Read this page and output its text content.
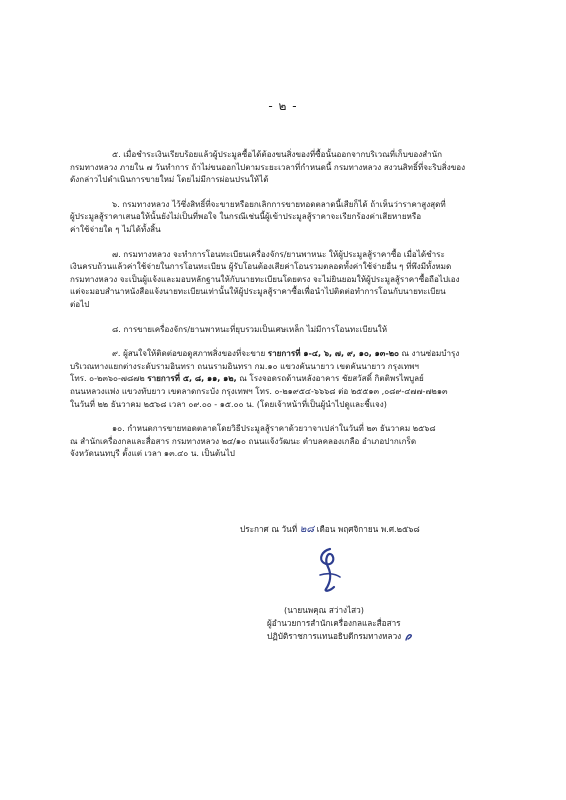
- ๒ -
๕. เมื่อชำระเงินเรียบร้อยแล้วผู้ประมูลซื้อได้ต้องขนสิ่งของที่ซื้อนั้นออกจากบริเวณที่เก็บของสำนัก
กรมทางหลวง ภายใน ๗ วันทำการ ถ้าไม่ขนออกไปตามระยะเวลาที่กำหนดนี้ กรมทางหลวง สงวนสิทธิ์ที่จะริบสิ่งของ
ดังกล่าวไปดำเนินการขายใหม่ โดยไม่มีการผ่อนปรนให้ได้
๖. กรมทางหลวง ไว้ซึ่งสิทธิ์ที่จะขายหรือยกเลิกการขายทอดตลาดนี้เสียก็ได้ ถ้าเห็นว่าราคาสูงสุดที่
ผู้ประมูลสู้ราคาเสนอให้นั้นยังไม่เป็นที่พอใจ ในกรณีเช่นนี้ผู้เข้าประมูลสู้ราคาจะเรียกร้องค่าเสียหายหรือ
ค่าใช้จ่ายใด ๆ ไม่ได้ทั้งสิ้น
๗. กรมทางหลวง จะทำการโอนทะเบียนเครื่องจักร/ยานพาหนะ ให้ผู้ประมูลสู้ราคาซื้อ เมื่อได้ชำระ
เงินครบถ้วนแล้วค่าใช้จ่ายในการโอนทะเบียน ผู้รับโอนต้องเสียค่าโอนรวมตลอดทั้งค่าใช้จ่ายอื่น ๆ ที่พึงมีทั้งหมด
กรมทางหลวง จะเป็นผู้แจ้งและมอบหลักฐานให้กับนายทะเบียนโดยตรง จะไม่ยินยอมให้ผู้ประมูลสู้ราคาซื้อถือไปเอง
แต่จะมอบสำนาหนังสือแจ้งนายทะเบียนเท่านั้นให้ผู้ประมูลสู้ราคาซื้อเพื่อนำไปติดต่อทำการโอนกับนายทะเบียน
ต่อไป
๘. การขายเครื่องจักร/ยานพาหนะที่ยุบรวมเป็นเศษเหล็ก ไม่มีการโอนทะเบียนให้
๙. ผู้สนใจให้ติดต่อขอดูสภาพสิ่งของที่จะขาย รายการที่ ๑-๔, ๖, ๗, ๙, ๑๐, ๑๓-๒๐ ณ งานซ่อมบำรุง
บริเวณทางแยกต่างระดับรามอินทรา ถนนรามอินทรา กม.๑๐ แขวงคันนายาว เขตคันนายาว กรุงเทพฯ
โทร. ๐-๒๓๖๐-๗๘๗๒ รายการที่ ๕, ๘, ๑๑, ๑๒, ณ โรงจอดรถด้านหลังอาคาร ชัยสวัสดิ์ กิตติพรไพบูลย์
ถนนหลวงแพ่ง แขวงทับยาว เขตลาดกระบัง กรุงเทพฯ โทร. ๐-๒๑๙๕๔-๖๖๖๘ ต่อ ๒๕๕๑๓ ,๐๘๙-๔๗๗-๗๒๑๓
ในวันที่ ๒๒ ธันวาคม ๒๕๖๘ เวลา ๐๙.๐๐ - ๑๕.๐๐ น. (โดยเจ้าหน้าที่เป็นผู้นำไปดูและชี้แจง)
๑๐. กำหนดการขายทอดตลาดโดยวิธีประมูลสู้ราคาด้วยวาจาเปล่าในวันที่ ๒๓ ธันวาคม ๒๕๖๘
ณ สำนักเครื่องกลและสื่อสาร กรมทางหลวง ๒๔/๑๐ ถนนแจ้งวัฒนะ ตำบลคลองเกลือ อำเภอปากเกร็ด
จังหวัดนนทบุรี ตั้งแต่ เวลา ๑๓.๔๐ น. เป็นต้นไป
ประกาศ ณ วันที่ ๒๘ เดือน พฤศจิกายน พ.ศ.๒๕๖๘
(นายนพคุณ สว่างไสว)
ผู้อำนวยการสำนักเครื่องกลและสื่อสาร
ปฏิบัติราชการแทนอธิบดีกรมทางหลวง
